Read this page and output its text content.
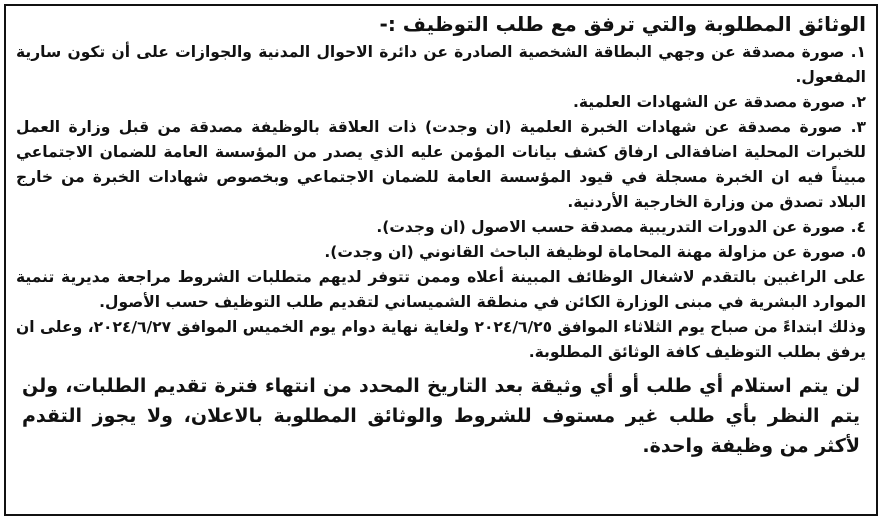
الوثائق المطلوبة والتي ترفق مع طلب التوظيف :-

١. صورة مصدقة عن وجهي البطاقة الشخصية الصادرة عن دائرة الاحوال المدنية والجوازات على أن تكون سارية المفعول.

٢. صورة مصدقة عن الشهادات العلمية.

٣. صورة مصدقة عن شهادات الخبرة العلمية (ان وجدت) ذات العلاقة بالوظيفة مصدقة من قبل وزارة العمل للخبرات المحلية اضافةالى ارفاق كشف بيانات المؤمن عليه الذي يصدر من المؤسسة العامة للضمان الاجتماعي مبيناً فيه ان الخبرة مسجلة في قيود المؤسسة العامة للضمان الاجتماعي وبخصوص شهادات الخبرة من خارج البلاد تصدق من وزارة الخارجية الأردنية.

٤. صورة عن الدورات التدريبية مصدقة حسب الاصول (ان وجدت).

٥. صورة عن مزاولة مهنة المحاماة لوظيفة الباحث القانوني (ان وجدت).

على الراغبين بالتقدم لاشغال الوظائف المبينة أعلاه وممن تتوفر لديهم متطلبات الشروط مراجعة مديرية تنمية الموارد البشرية في مبنى الوزارة الكائن في منطقة الشميساني لتقديم طلب التوظيف حسب الأصول.

وذلك ابتداءً من صباح يوم الثلاثاء الموافق ٢٠٢٤/٦/٢٥ ولغاية نهاية دوام يوم الخميس الموافق ٢٠٢٤/٦/٢٧، وعلى ان يرفق بطلب التوظيف كافة الوثائق المطلوبة.

لن يتم استلام أي طلب أو أي وثيقة بعد التاريخ المحدد من انتهاء فترة تقديم الطلبات، ولن يتم النظر بأي طلب غير مستوف للشروط والوثائق المطلوبة بالاعلان، ولا يجوز التقدم لأكثر من وظيفة واحدة.
